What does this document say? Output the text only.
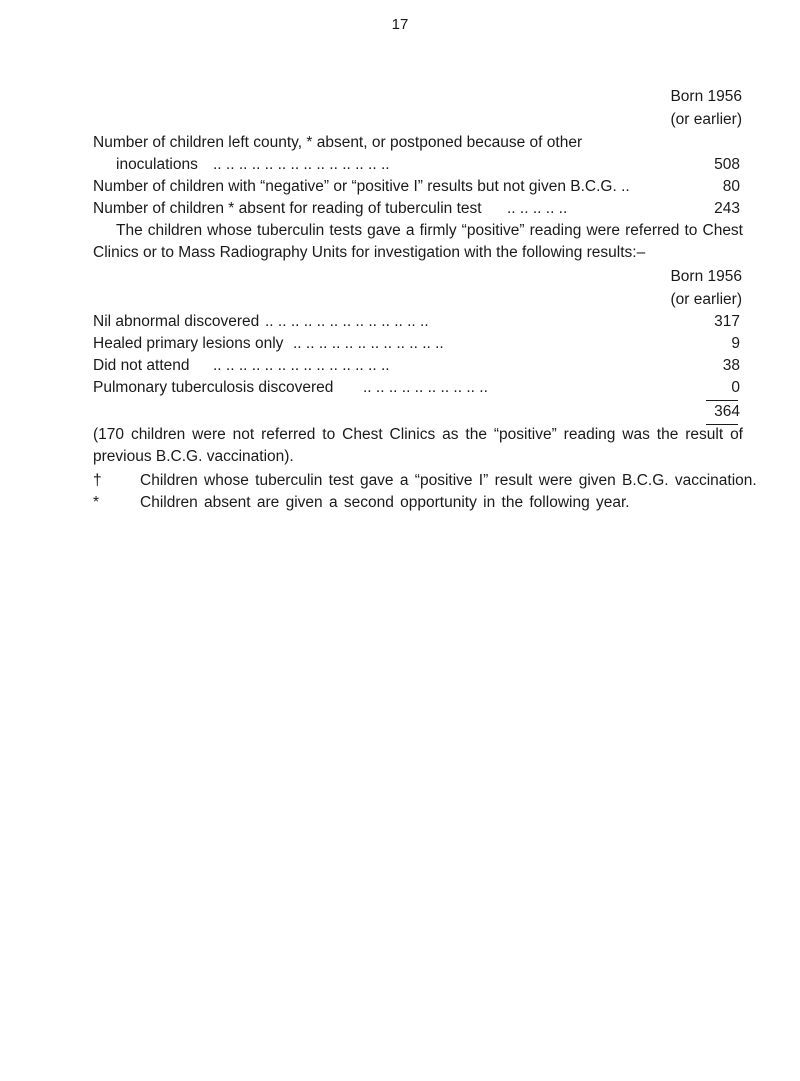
17
Born 1956
(or earlier)
Number of children left county, * absent, or postponed because of other
inoculations .. .. .. .. .. .. .. .. .. .. .. .. .. ..	508
Number of children with “negative” or “positive I” results but not given B.C.G. ..	80
Number of children * absent for reading of tuberculin test .. .. .. .. ..	243
The children whose tuberculin tests gave a firmly “positive” reading were referred to Chest Clinics or to Mass Radiography Units for investigation with the following results:–
Born 1956
(or earlier)
Nil abnormal discovered .. .. .. .. .. .. .. .. .. .. .. .. ..	317
Healed primary lesions only .. .. .. .. .. .. .. .. .. .. .. ..	9
Did not attend .. .. .. .. .. .. .. .. .. .. .. .. .. ..	38
Pulmonary tuberculosis discovered .. .. .. .. .. .. .. .. .. ..	0
364
(170 children were not referred to Chest Clinics as the “positive” reading was the result of previous B.C.G. vaccination).
† Children whose tuberculin test gave a “positive I” result were given B.C.G. vaccination.
*	Children absent are given a second opportunity in the following year.
